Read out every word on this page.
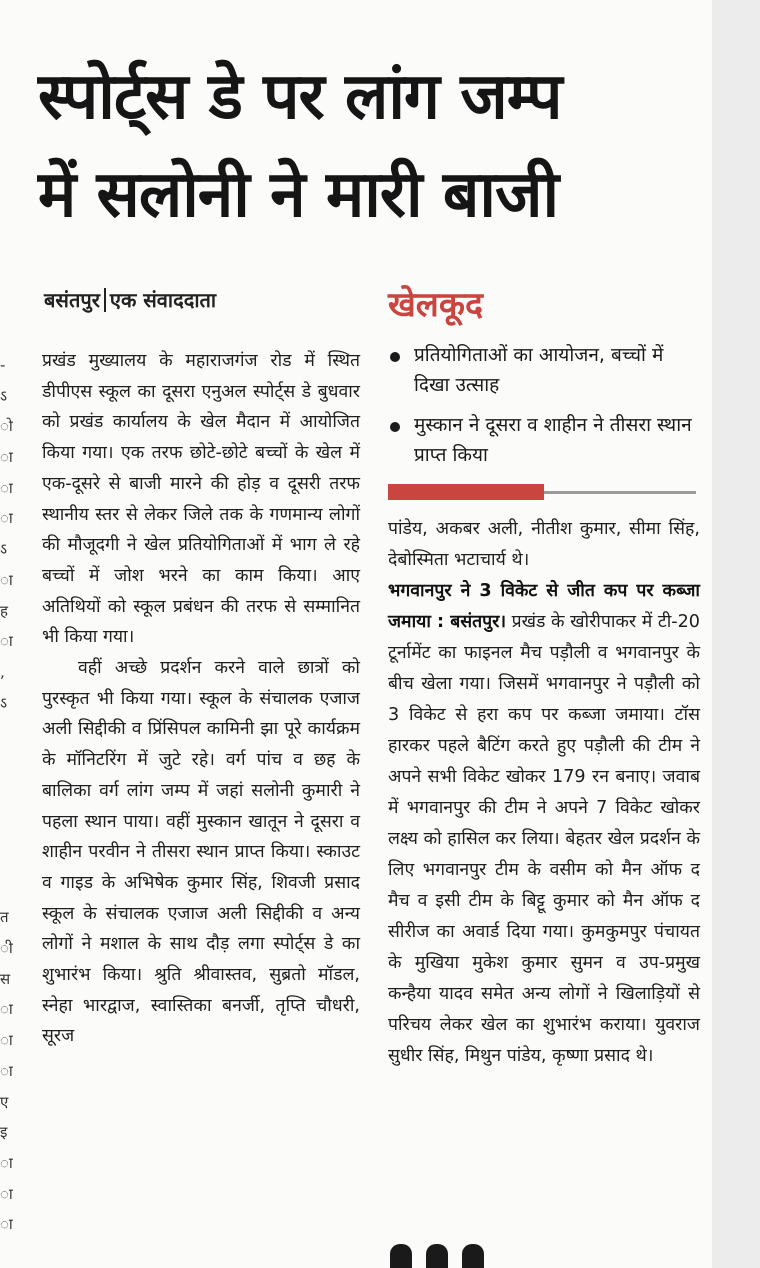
स्पोर्ट्स डे पर लांग जम्प
में सलोनी ने मारी बाजी
बसंतपुर एक संवाददाता
-
ऽ
ो
ा
ा
ा
ऽ
ा
ह
ा
,
ऽ
त
ी
स
ा
ा
ा
ए
इ
ा
ा
ा

प्रखंड मुख्यालय के महाराजगंज रोड में स्थित डीपीएस स्कूल का दूसरा एनुअल स्पोर्ट्स डे बुधवार को प्रखंड कार्यालय के खेल मैदान में आयोजित किया गया। एक तरफ छोटे-छोटे बच्चों के खेल में एक-दूसरे से बाजी मारने की होड़ व दूसरी तरफ स्थानीय स्तर से लेकर जिले तक के गणमान्य लोगों की मौजूदगी ने खेल प्रतियोगिताओं में भाग ले रहे बच्चों में जोश भरने का काम किया। आए अतिथियों को स्कूल प्रबंधन की तरफ से सम्मानित भी किया गया।

वहीं अच्छे प्रदर्शन करने वाले छात्रों को पुरस्कृत भी किया गया। स्कूल के संचालक एजाज अली सिद्दीकी व प्रिंसिपल कामिनी झा पूरे कार्यक्रम के मॉनिटरिंग में जुटे रहे। वर्ग पांच व छह के बालिका वर्ग लांग जम्प में जहां सलोनी कुमारी ने पहला स्थान पाया। वहीं मुस्कान खातून ने दूसरा व शाहीन परवीन ने तीसरा स्थान प्राप्त किया। स्काउट व गाइड के अभिषेक कुमार सिंह, शिवजी प्रसाद स्कूल के संचालक एजाज अली सिद्दीकी व अन्य लोगों ने मशाल के साथ दौड़ लगा स्पोर्ट्स डे का शुभारंभ किया। श्रुति श्रीवास्तव, सुब्रतो मॉडल, स्नेहा भारद्वाज, स्वास्तिका बनर्जी, तृप्ति चौधरी, सूरज

खेलकूद
प्रतियोगिताओं का आयोजन, बच्चों में दिखा उत्साह
मुस्कान ने दूसरा व शाहीन ने तीसरा स्थान प्राप्त किया

पांडेय, अकबर अली, नीतीश कुमार, सीमा सिंह, देबोस्मिता भटाचार्य थे।

भगवानपुर ने 3 विकेट से जीत कप पर कब्जा जमाया : बसंतपुर। प्रखंड के खोरीपाकर में टी-20 टूर्नामेंट का फाइनल मैच पड़ौली व भगवानपुर के बीच खेला गया। जिसमें भगवानपुर ने पड़ौली को 3 विकेट से हरा कप पर कब्जा जमाया। टॉस हारकर पहले बैटिंग करते हुए पड़ौली की टीम ने अपने सभी विकेट खोकर 179 रन बनाए। जवाब में भगवानपुर की टीम ने अपने 7 विकेट खोकर लक्ष्य को हासिल कर लिया। बेहतर खेल प्रदर्शन के लिए भगवानपुर टीम के वसीम को मैन ऑफ द मैच व इसी टीम के बिट्टू कुमार को मैन ऑफ द सीरीज का अवार्ड दिया गया। कुमकुमपुर पंचायत के मुखिया मुकेश कुमार सुमन व उप-प्रमुख कन्हैया यादव समेत अन्य लोगों ने खिलाड़ियों से परिचय लेकर खेल का शुभारंभ कराया। युवराज सुधीर सिंह, मिथुन पांडेय, कृष्णा प्रसाद थे।
